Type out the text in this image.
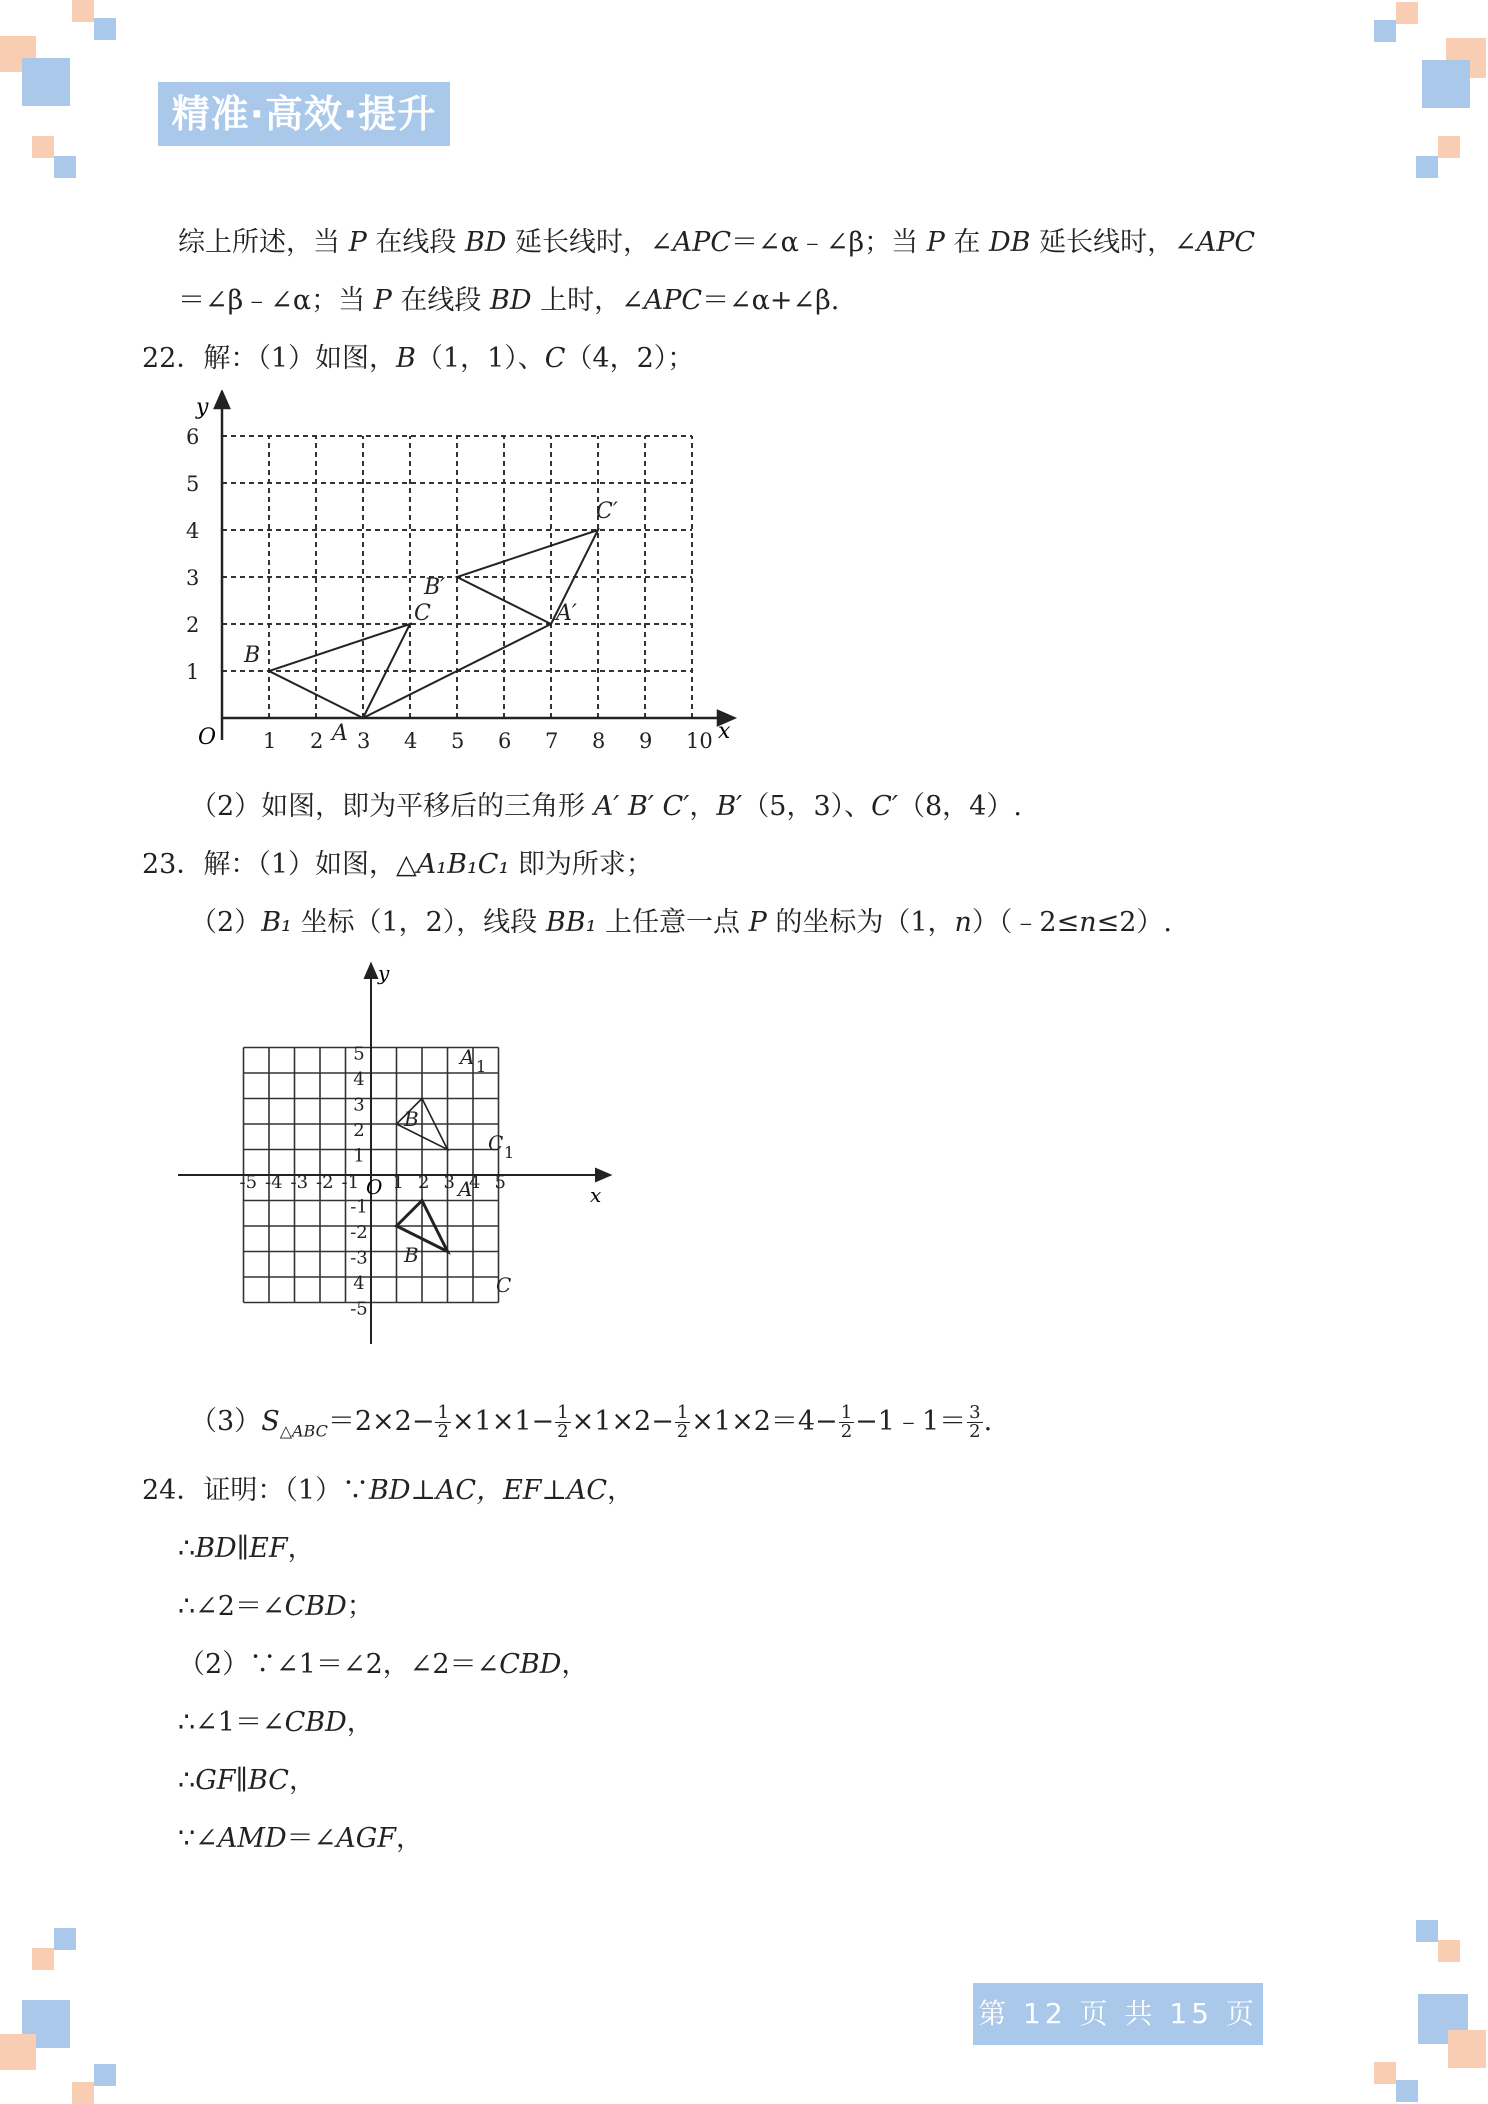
精准·高效·提升
综上所述，当 P 在线段 BD 延长线时，∠APC＝∠α﹣∠β；当 P 在 DB 延长线时，∠APC
＝∠β﹣∠α；当 P 在线段 BD 上时，∠APC＝∠α+∠β.
22．解：（1）如图，B（1，1）、C（4，2）；
x
y
O 1 2 3 4 5 6 7 8 9 10
1
2
3
4
5
6
A
B
C	A′
B′
C′
（2）如图，即为平移后的三角形 A′ B′ C′，B′（5，3）、C′（8，4）.
23．解：（1）如图，△A₁B₁C₁ 即为所求；
（2）B₁ 坐标（1，2），线段 BB₁ 上任意一点 P 的坐标为（1，n）（﹣2≤n≤2）.
x
y
O
-5 -4 -3 -2 -1 1 2 3 4 5
5
4
3
2
1
-1
-2
-3
4
-5
A 1
B
C 1
A
B
C
$(3)S_{\triangle ABC}=2\times 2- \frac{1}{2} \times 1\times 1- \frac{1}{2} \times 1\times 2- \frac{1}{2} \times 1\times 2=4- \frac{1}{2}$ −1﹣1＝ $\frac{3}{2}$ .
24．证明：（1）∵BD⊥AC，EF⊥AC，
∴BD∥EF，
∴∠2＝∠CBD；
（2）∵∠1＝∠2，∠2＝∠CBD，
∴∠1＝∠CBD，
∴GF∥BC，
∵∠AMD＝∠AGF，
第 12 页 共 15 页
